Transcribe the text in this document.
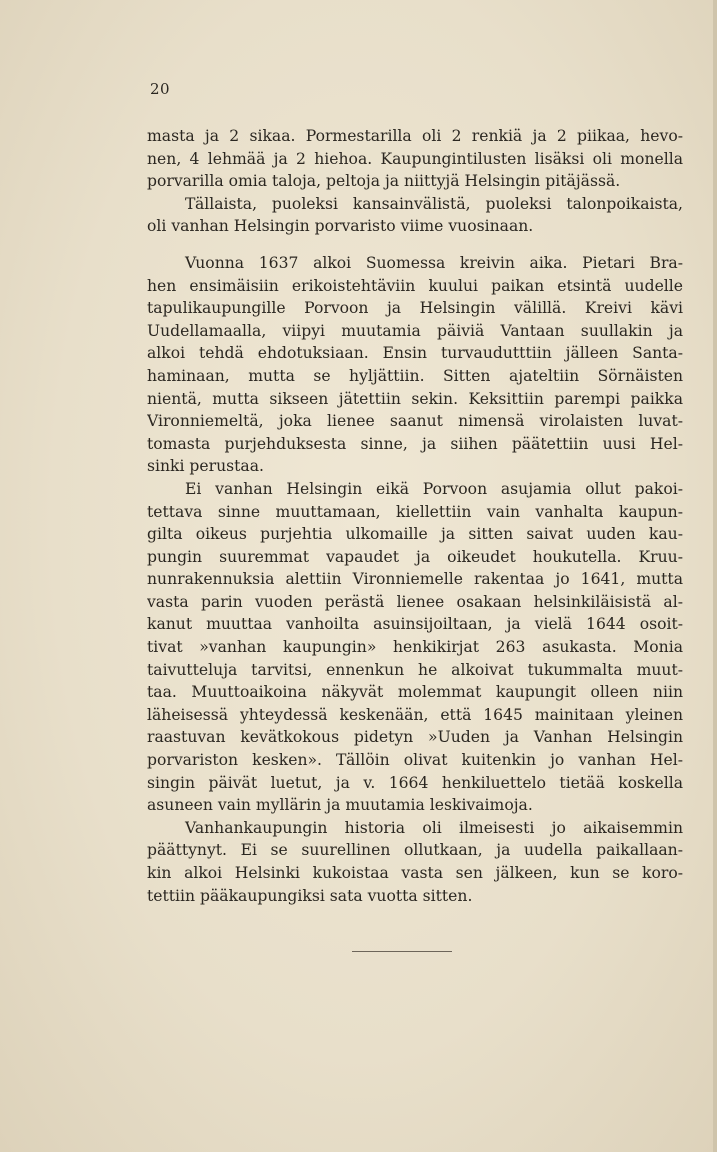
20
masta ja 2 sikaa. Pormestarilla oli 2 renkiä ja 2 piikaa, hevo-
nen, 4 lehmää ja 2 hiehoa. Kaupungintilusten lisäksi oli monella
porvarilla omia taloja, peltoja ja niittyjä Helsingin pitäjässä.
Tällaista, puoleksi kansainvälistä, puoleksi talonpoikaista,
oli vanhan Helsingin porvaristo viime vuosinaan.
Vuonna 1637 alkoi Suomessa kreivin aika. Pietari Bra-
hen ensimäisiin erikoistehtäviin kuului paikan etsintä uudelle
tapulikaupungille Porvoon ja Helsingin välillä. Kreivi kävi
Uudellamaalla, viipyi muutamia päiviä Vantaan suullakin ja
alkoi tehdä ehdotuksiaan. Ensin turvaudutttiin jälleen Santa-
haminaan, mutta se hyljättiin. Sitten ajateltiin Sörnäisten
nientä, mutta sikseen jätettiin sekin. Keksittiin parempi paikka
Vironniemeltä, joka lienee saanut nimensä virolaisten luvat-
tomasta purjehduksesta sinne, ja siihen päätettiin uusi Hel-
sinki perustaa.
Ei vanhan Helsingin eikä Porvoon asujamia ollut pakoi-
tettava sinne muuttamaan, kiellettiin vain vanhalta kaupun-
gilta oikeus purjehtia ulkomaille ja sitten saivat uuden kau-
pungin suuremmat vapaudet ja oikeudet houkutella. Kruu-
nunrakennuksia alettiin Vironniemelle rakentaa jo 1641, mutta
vasta parin vuoden perästä lienee osakaan helsinkiläisistä al-
kanut muuttaa vanhoilta asuinsijoiltaan, ja vielä 1644 osoit-
tivat »vanhan kaupungin» henkikirjat 263 asukasta. Monia
taivutteluja tarvitsi, ennenkun he alkoivat tukummalta muut-
taa. Muuttoaikoina näkyvät molemmat kaupungit olleen niin
läheisessä yhteydessä keskenään, että 1645 mainitaan yleinen
raastuvan kevätkokous pidetyn »Uuden ja Vanhan Helsingin
porvariston kesken». Tällöin olivat kuitenkin jo vanhan Hel-
singin päivät luetut, ja v. 1664 henkiluettelo tietää koskella
asuneen vain myllärin ja muutamia leskivaimoja.
Vanhankaupungin historia oli ilmeisesti jo aikaisemmin
päättynyt. Ei se suurellinen ollutkaan, ja uudella paikallaan-
kin alkoi Helsinki kukoistaa vasta sen jälkeen, kun se koro-
tettiin pääkaupungiksi sata vuotta sitten.
